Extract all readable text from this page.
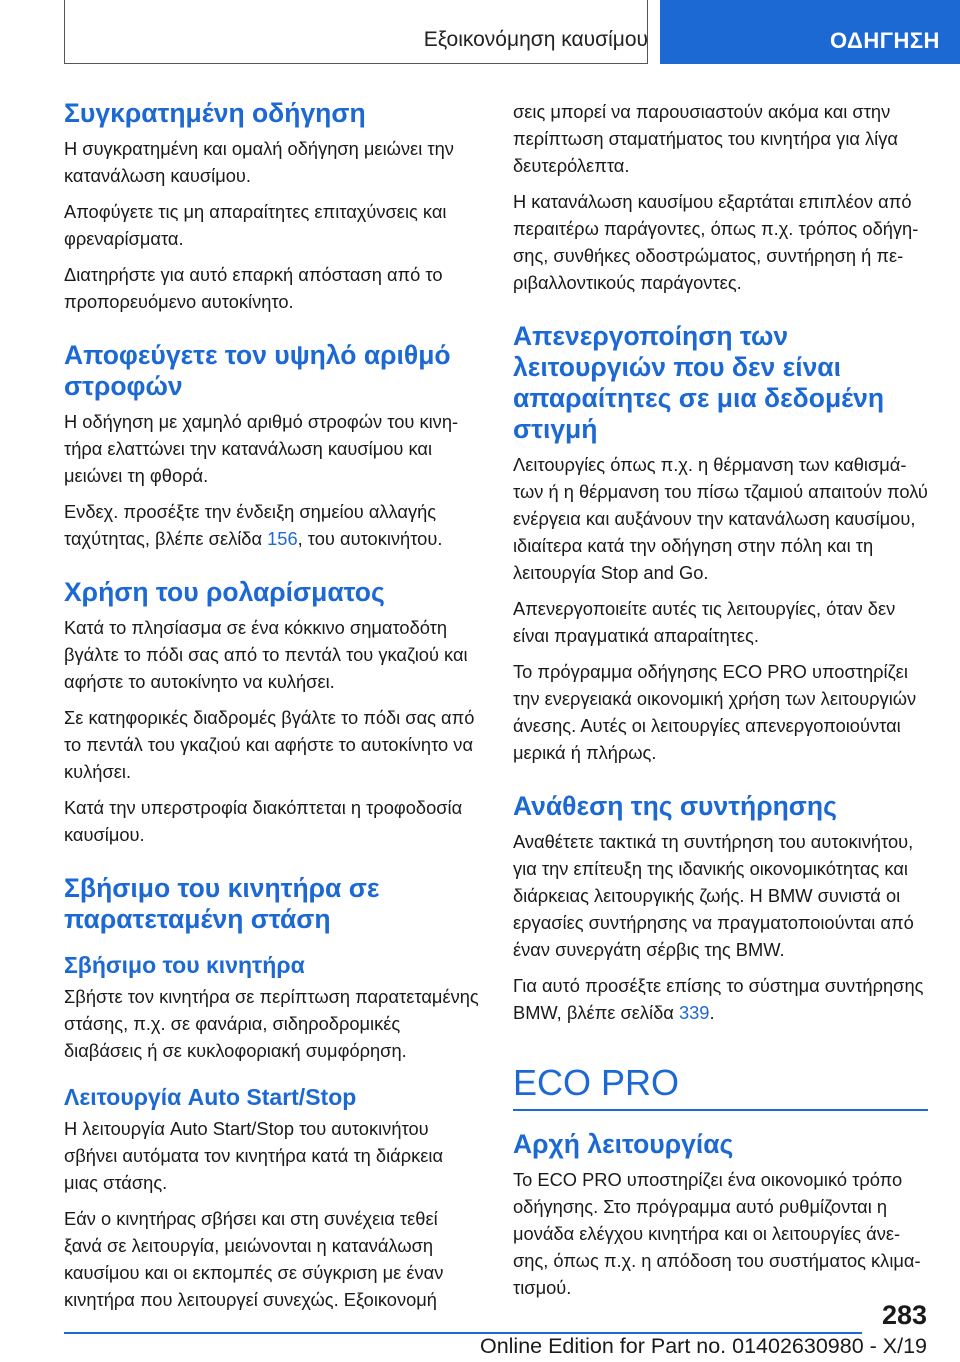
Εξοικονόμηση καυσίμου	ΟΔΗΓΗΣΗ
Συγκρατημένη οδήγηση

Η συγκρατημένη και ομαλή οδήγηση μειώνει την κατανάλωση καυσίμου.

Αποφύγετε τις μη απαραίτητες επιταχύνσεις και φρεναρίσματα.

Διατηρήστε για αυτό επαρκή απόσταση από το προπορευόμενο αυτοκίνητο.

Αποφεύγετε τον υψηλό αριθμό στροφών

Η οδήγηση με χαμηλό αριθμό στροφών του κινητήρα ελαττώνει την κατανάλωση καυσίμου και μειώνει τη φθορά.

Ενδεχ. προσέξτε την ένδειξη σημείου αλλαγής ταχύτητας, βλέπε σελίδα 156, του αυτοκινήτου.

Χρήση του ρολαρίσματος

Κατά το πλησίασμα σε ένα κόκκινο σηματοδότη βγάλτε το πόδι σας από το πεντάλ του γκαζιού και αφήστε το αυτοκίνητο να κυλήσει.

Σε κατηφορικές διαδρομές βγάλτε το πόδι σας από το πεντάλ του γκαζιού και αφήστε το αυτοκίνητο να κυλήσει.

Κατά την υπερστροφία διακόπτεται η τροφοδοσία καυσίμου.

Σβήσιμο του κινητήρα σε παρατεταμένη στάση
Σβήσιμο του κινητήρα

Σβήστε τον κινητήρα σε περίπτωση παρατεταμένης στάσης, π.χ. σε φανάρια, σιδηροδρομικές διαβάσεις ή σε κυκλοφοριακή συμφόρηση.

Λειτουργία Auto Start/Stop

Η λειτουργία Auto Start/Stop του αυτοκινήτου σβήνει αυτόματα τον κινητήρα κατά τη διάρκεια μιας στάσης.

Εάν ο κινητήρας σβήσει και στη συνέχεια τεθεί ξανά σε λειτουργία, μειώνονται η κατανάλωση καυσίμου και οι εκπομπές σε σύγκριση με έναν κινητήρα που λειτουργεί συνεχώς. Εξοικονομή

σεις μπορεί να παρουσιαστούν ακόμα και στην περίπτωση σταματήματος του κινητήρα για λίγα δευτερόλεπτα.

Η κατανάλωση καυσίμου εξαρτάται επιπλέον από περαιτέρω παράγοντες, όπως π.χ. τρόπος οδήγησης, συνθήκες οδοστρώματος, συντήρηση ή περιβαλλοντικούς παράγοντες.

Απενεργοποίηση των λειτουργιών που δεν είναι απαραίτητες σε μια δεδομένη στιγμή

Λειτουργίες όπως π.χ. η θέρμανση των καθισμάτων ή η θέρμανση του πίσω τζαμιού απαιτούν πολύ ενέργεια και αυξάνουν την κατανάλωση καυσίμου, ιδιαίτερα κατά την οδήγηση στην πόλη και τη λειτουργία Stop and Go.

Απενεργοποιείτε αυτές τις λειτουργίες, όταν δεν είναι πραγματικά απαραίτητες.

Το πρόγραμμα οδήγησης ECO PRO υποστηρίζει την ενεργειακά οικονομική χρήση των λειτουργιών άνεσης. Αυτές οι λειτουργίες απενεργοποιούνται μερικά ή πλήρως.

Ανάθεση της συντήρησης

Αναθέτετε τακτικά τη συντήρηση του αυτοκινήτου, για την επίτευξη της ιδανικής οικονομικότητας και διάρκειας λειτουργικής ζωής. Η BMW συνιστά οι εργασίες συντήρησης να πραγματοποιούνται από έναν συνεργάτη σέρβις της BMW.

Για αυτό προσέξτε επίσης το σύστημα συντήρησης BMW, βλέπε σελίδα 339.

ECO PRO
Αρχή λειτουργίας

Το ECO PRO υποστηρίζει ένα οικονομικό τρόπο οδήγησης. Στο πρόγραμμα αυτό ρυθμίζονται η μονάδα ελέγχου κινητήρα και οι λειτουργίες άνεσης, όπως π.χ. η απόδοση του συστήματος κλιματισμού.

283
Online Edition for Part no. 01402630980 - X/19
